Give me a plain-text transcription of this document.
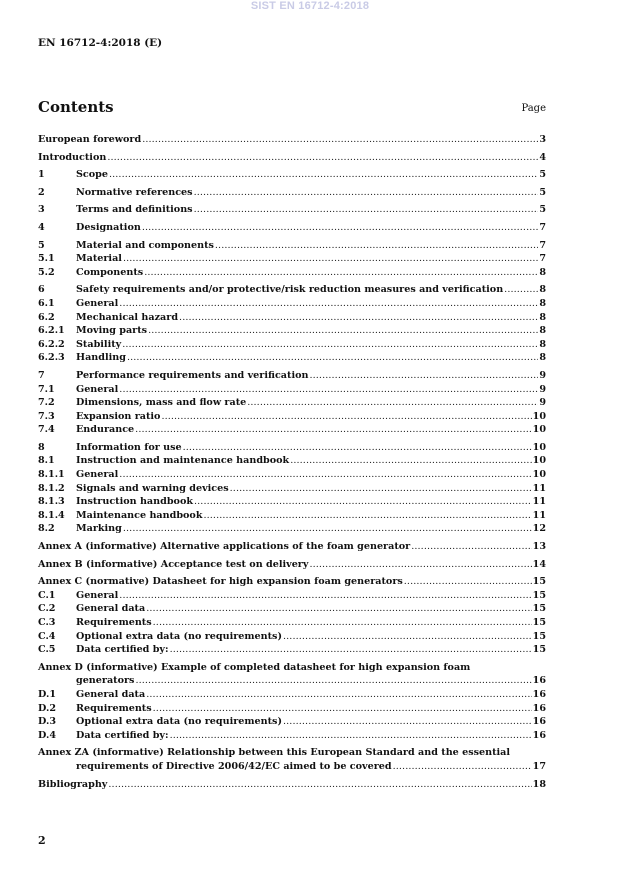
SIST EN 16712-4:2018
EN 16712-4:2018 (E)
Contents	Page
European foreword .....	3
Introduction .....	4
1	Scope .....	5
2	Normative references .....	5
3	Terms and definitions .....	5
4	Designation .....	7
5	Material and components .....	7
5.1	Material .....	7
5.2	Components .....	8
6	Safety requirements and/or protective/risk reduction measures and verification .....	8
6.1	General .....	8
6.2	Mechanical hazard .....	8
6.2.1	Moving parts .....	8
6.2.2	Stability .....	8
6.2.3	Handling .....	8
7	Performance requirements and verification .....	9
7.1	General .....	9
7.2	Dimensions, mass and flow rate .....	9
7.3	Expansion ratio .....	10
7.4	Endurance .....	10
8	Information for use .....	10
8.1	Instruction and maintenance handbook .....	10
8.1.1	General .....	10
8.1.2	Signals and warning devices .....	11
8.1.3	Instruction handbook .....	11
8.1.4	Maintenance handbook .....	11
8.2	Marking .....	12
Annex A (informative) Alternative applications of the foam generator .....	13
Annex B (informative) Acceptance test on delivery .....	14
Annex C (normative) Datasheet for high expansion foam generators .....	15
C.1	General .....	15
C.2	General data .....	15
C.3	Requirements .....	15
C.4	Optional extra data (no requirements) .....	15
C.5	Data certified by: .....	15
Annex D (informative) Example of completed datasheet for high expansion foam
generators .....	16
D.1	General data .....	16
D.2	Requirements .....	16
D.3	Optional extra data (no requirements) .....	16
D.4	Data certified by: .....	16
Annex ZA (informative) Relationship between this European Standard and the essential
requirements of Directive 2006/42/EC aimed to be covered .....	17
Bibliography .....	18
2
